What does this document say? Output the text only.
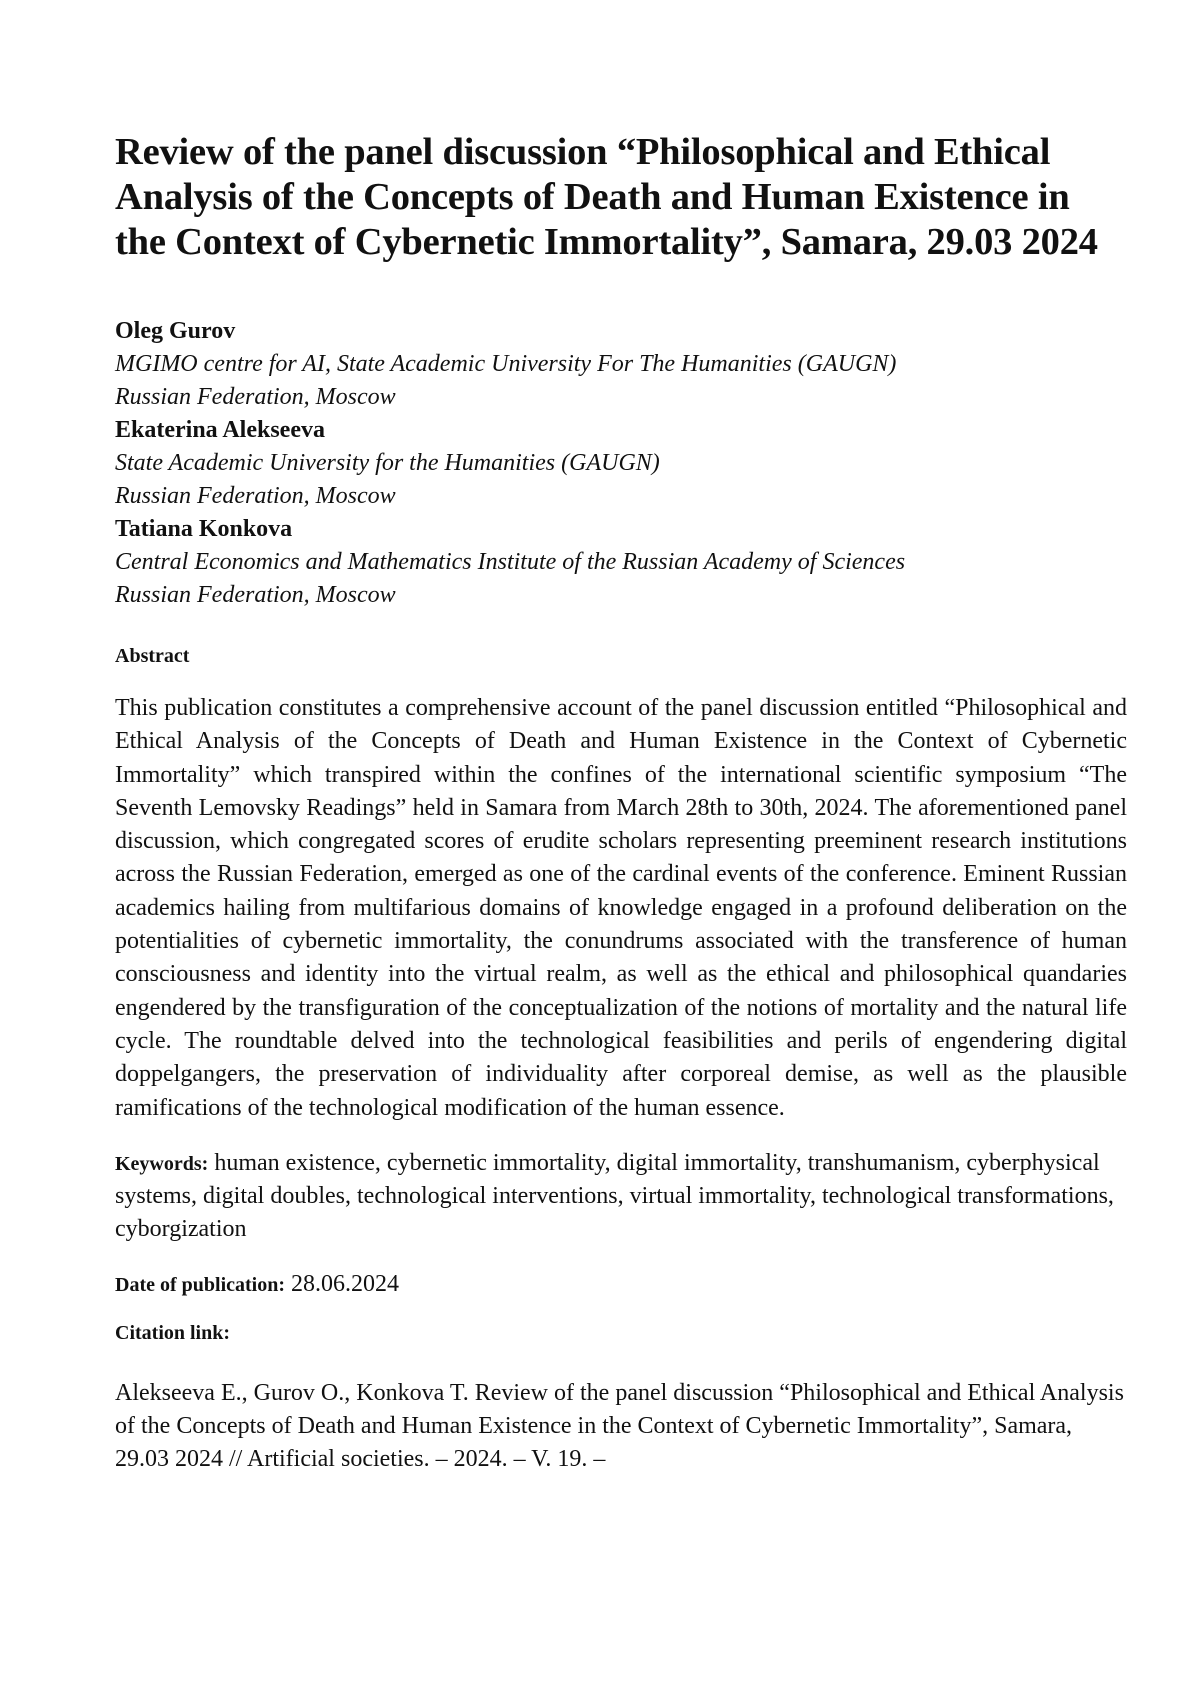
Review of the panel discussion “Philosophical and Ethical Analysis of the Concepts of Death and Human Existence in the Context of Cybernetic Immortality”, Samara, 29.03 2024

Oleg Gurov

MGIMO centre for AI, State Academic University For The Humanities (GAUGN)

Russian Federation, Moscow

Ekaterina Alekseeva

State Academic University for the Humanities (GAUGN)

Russian Federation, Moscow

Tatiana Konkova

Central Economics and Mathematics Institute of the Russian Academy of Sciences

Russian Federation, Moscow

Abstract
This publication constitutes a comprehensive account of the panel discussion entitled “Philosophical and Ethical Analysis of the Concepts of Death and Human Existence in the Context of Cybernetic Immortality” which transpired within the confines of the international scientific symposium “The Seventh Lemovsky Readings” held in Samara from March 28th to 30th, 2024. The aforementioned panel discussion, which congregated scores of erudite scholars representing preeminent research institutions across the Russian Federation, emerged as one of the cardinal events of the conference. Eminent Russian academics hailing from multifarious domains of knowledge engaged in a profound deliberation on the potentialities of cybernetic immortality, the conundrums associated with the transference of human consciousness and identity into the virtual realm, as well as the ethical and philosophical quandaries engendered by the transfiguration of the conceptualization of the notions of mortality and the natural life cycle. The roundtable delved into the technological feasibilities and perils of engendering digital doppelgangers, the preservation of individuality after corporeal demise, as well as the plausible ramifications of the technological modification of the human essence.
Keywords: human existence, cybernetic immortality, digital immortality, transhumanism, cyberphysical systems, digital doubles, technological interventions, virtual immortality, technological transformations, cyborgization
Date of publication: 28.06.2024
Citation link:
Alekseeva E., Gurov O., Konkova T. Review of the panel discussion “Philosophical and Ethical Analysis of the Concepts of Death and Human Existence in the Context of Cybernetic Immortality”, Samara, 29.03 2024 // Artificial societies. – 2024. – V. 19. –
